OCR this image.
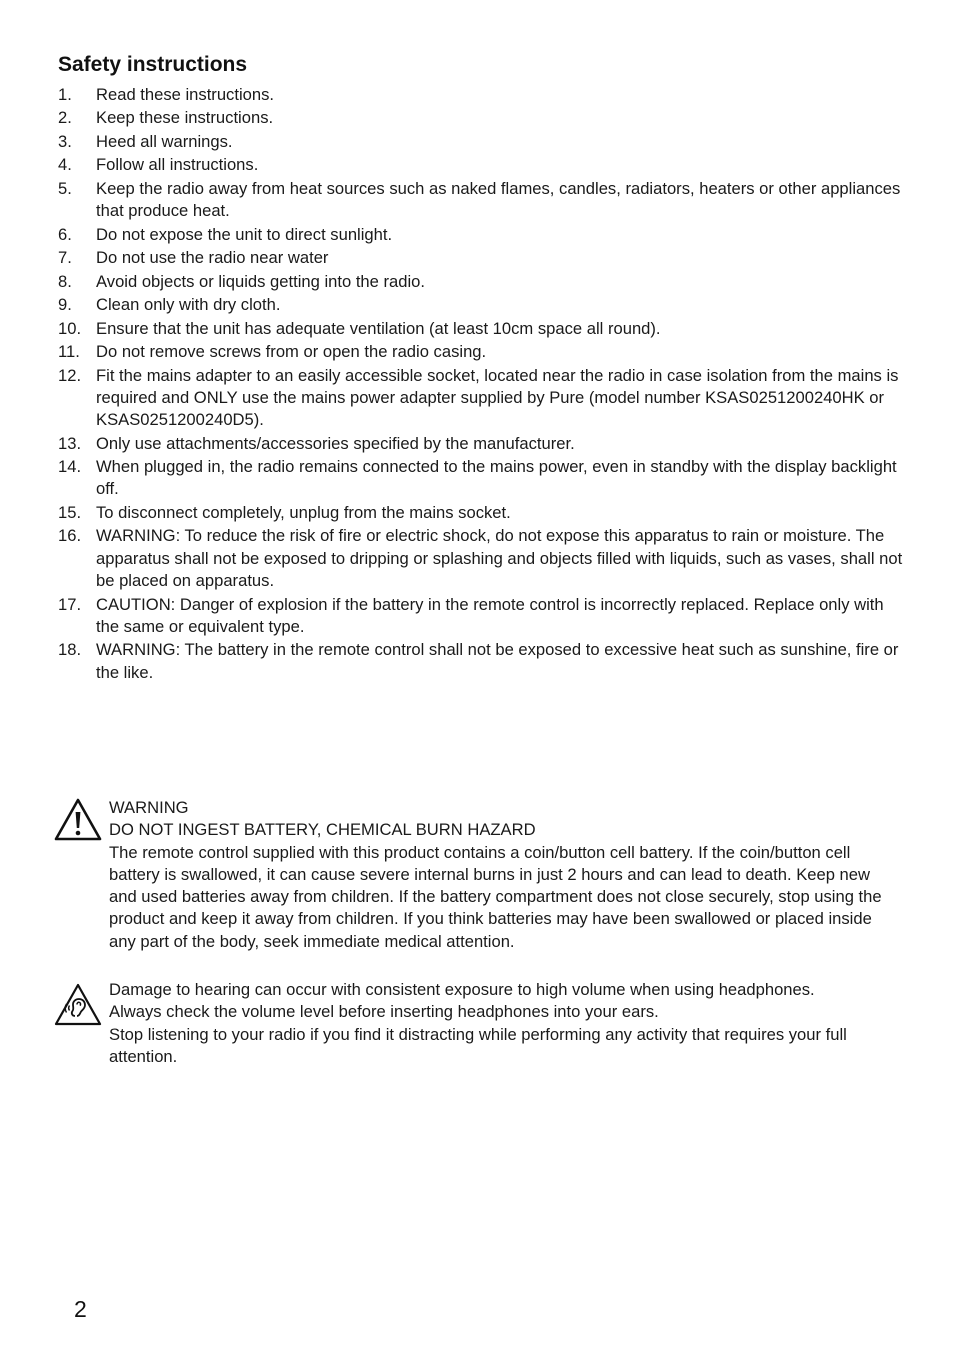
Safety instructions
1. Read these instructions.
2. Keep these instructions.
3. Heed all warnings.
4. Follow all instructions.
5. Keep the radio away from heat sources such as naked flames, candles, radiators, heaters or other appliances that produce heat.
6. Do not expose the unit to direct sunlight.
7. Do not use the radio near water
8. Avoid objects or liquids getting into the radio.
9. Clean only with dry cloth.
10. Ensure that the unit has adequate ventilation (at least 10cm space all round).
11. Do not remove screws from or open the radio casing.
12. Fit the mains adapter to an easily accessible socket, located near the radio in case isolation from the mains is required and ONLY use the mains power adapter supplied by Pure (model number KSAS0251200240HK or KSAS0251200240D5).
13. Only use attachments/accessories specified by the manufacturer.
14. When plugged in, the radio remains connected to the mains power, even in standby with the display backlight off.
15. To disconnect completely, unplug from the mains socket.
16. WARNING: To reduce the risk of fire or electric shock, do not expose this apparatus to rain or moisture. The apparatus shall not be exposed to dripping or splashing and objects filled with liquids, such as vases, shall not be placed on apparatus.
17. CAUTION: Danger of explosion if the battery in the remote control is incorrectly replaced. Replace only with the same or equivalent type.
18. WARNING: The battery in the remote control shall not be exposed to excessive heat such as sunshine, fire or the like.

WARNING

DO NOT INGEST BATTERY, CHEMICAL BURN HAZARD

The remote control supplied with this product contains a coin/button cell battery. If the coin/button cell battery is swallowed, it can cause severe internal burns in just 2 hours and can lead to death. Keep new and used batteries away from children. If the battery compartment does not close securely, stop using the product and keep it away from children. If you think batteries may have been swallowed or placed inside any part of the body, seek immediate medical attention.

Damage to hearing can occur with consistent exposure to high volume when using headphones.

Always check the volume level before inserting headphones into your ears.

Stop listening to your radio if you find it distracting while performing any activity that requires your full attention.

2
